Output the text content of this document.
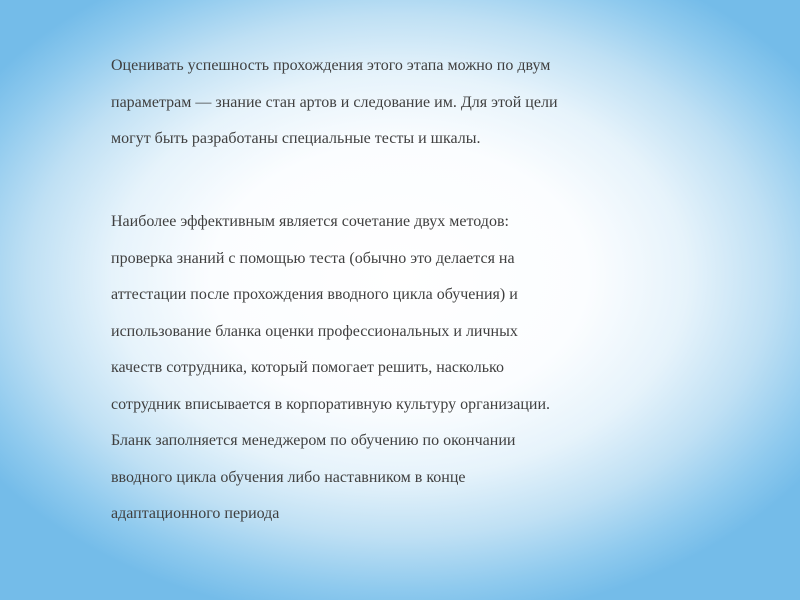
Оценивать успешность прохождения этого этапа можно по двум
параметрам — знание стан артов и следование им. Для этой цели
могут быть разработаны специальные тесты и шкалы.

Наиболее эффективным является сочетание двух методов:
проверка знаний с помощью теста (обычно это делается на
аттестации после прохождения вводного цикла обучения) и
использование бланка оценки профессиональных и личных
качеств сотрудника, который помогает решить, насколько
сотрудник вписывается в корпоративную культуру организации.
Бланк заполняется менеджером по обучению по окончании
вводного цикла обучения либо наставником в конце
адаптационного периода
